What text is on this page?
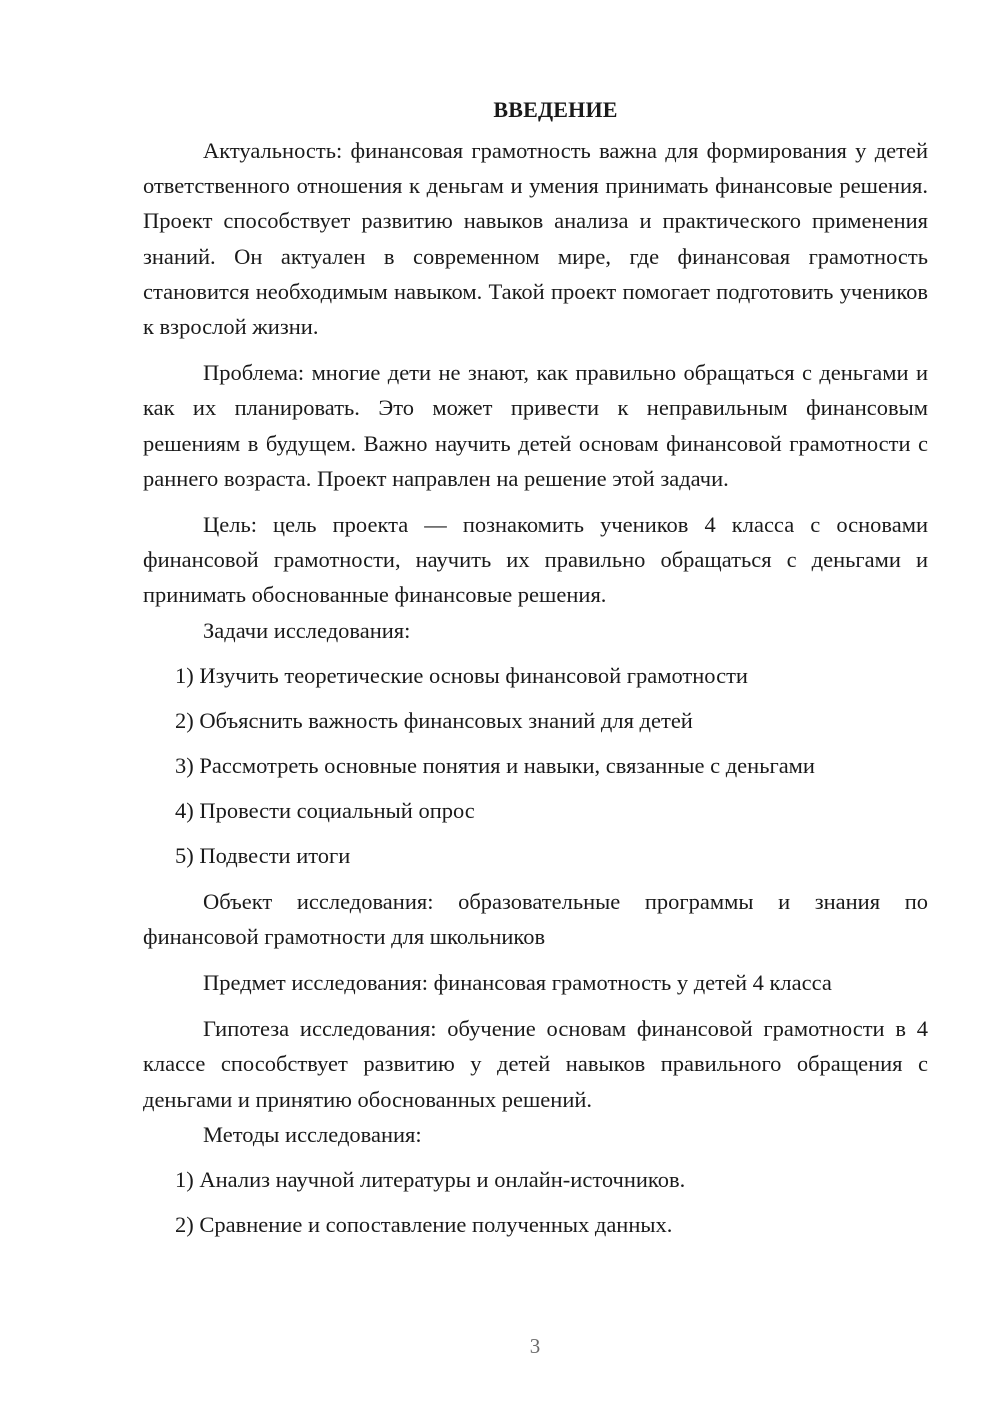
ВВЕДЕНИЕ

Актуальность: финансовая грамотность важна для формирования у детей ответственного отношения к деньгам и умения принимать финансовые решения. Проект способствует развитию навыков анализа и практического применения знаний. Он актуален в современном мире, где финансовая грамотность становится необходимым навыком. Такой проект помогает подготовить учеников к взрослой жизни.

Проблема: многие дети не знают, как правильно обращаться с деньгами и как их планировать. Это может привести к неправильным финансовым решениям в будущем. Важно научить детей основам финансовой грамотности с раннего возраста. Проект направлен на решение этой задачи.

Цель: цель проекта — познакомить учеников 4 класса с основами финансовой грамотности, научить их правильно обращаться с деньгами и принимать обоснованные финансовые решения.

Задачи исследования:

1) Изучить теоретические основы финансовой грамотности
2) Объяснить важность финансовых знаний для детей
3) Рассмотреть основные понятия и навыки, связанные с деньгами
4) Провести социальный опрос
5) Подвести итоги

Объект исследования: образовательные программы и знания по финансовой грамотности для школьников

Предмет исследования: финансовая грамотность у детей 4 класса

Гипотеза исследования: обучение основам финансовой грамотности в 4 классе способствует развитию у детей навыков правильного обращения с деньгами и принятию обоснованных решений.

Методы исследования:

1) Анализ научной литературы и онлайн-источников.
2) Сравнение и сопоставление полученных данных.
3
